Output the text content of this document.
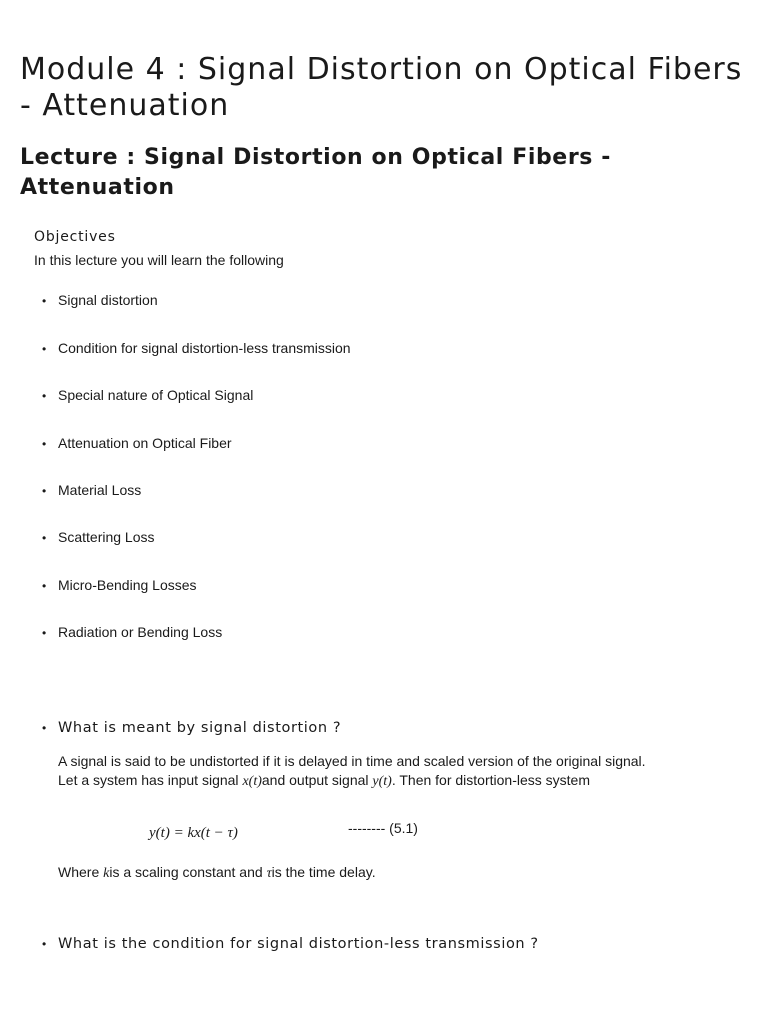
Module 4 : Signal Distortion on Optical Fibers - Attenuation
Lecture : Signal Distortion on Optical Fibers - Attenuation
Objectives
In this lecture you will learn the following
• Signal distortion
• Condition for signal distortion-less transmission
• Special nature of Optical Signal
• Attenuation on Optical Fiber
• Material Loss
• Scattering Loss
• Micro-Bending Losses
• Radiation or Bending Loss
• What is meant by signal distortion ?
A signal is said to be undistorted if it is delayed in time and scaled version of the original signal. Let a system has input signal x(t)and output signal y(t). Then for distortion-less system
y(t) = kx(t − τ)	-------- (5.1)
Where kis a scaling constant and τis the time delay.
• What is the condition for signal distortion-less transmission ?
